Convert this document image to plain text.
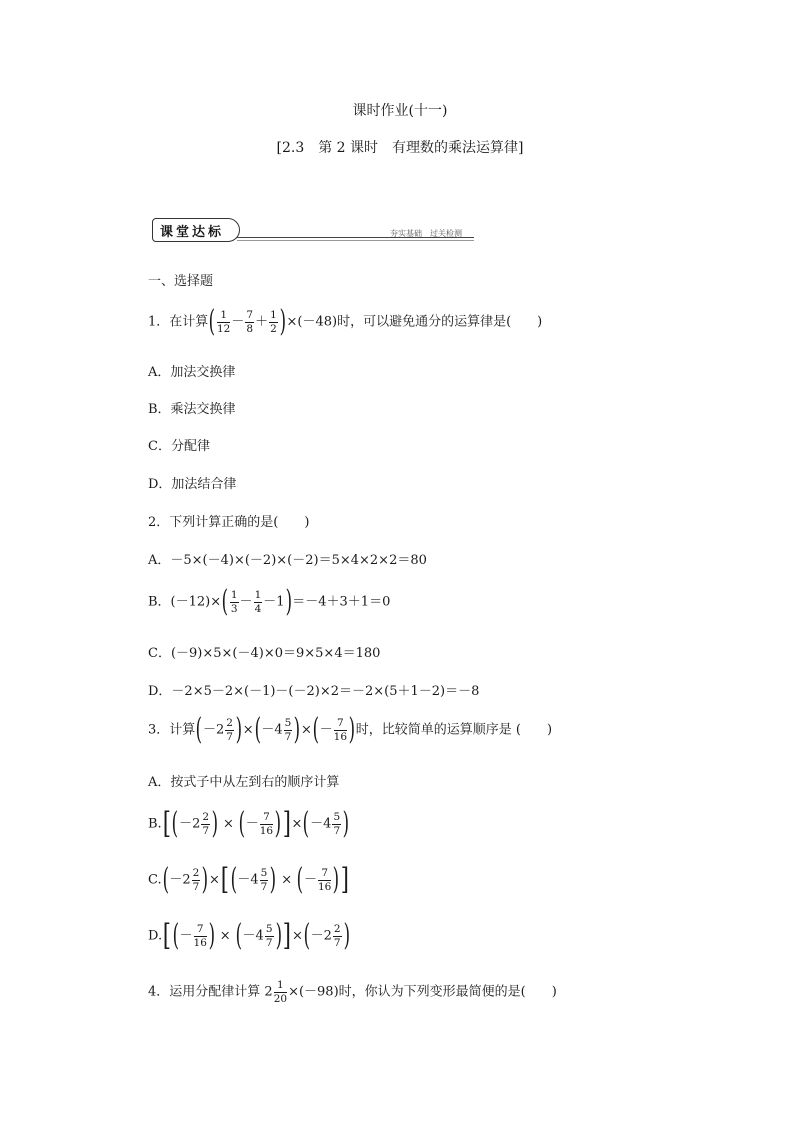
课时作业(十一)
[2.3　第 2 课时　有理数的乘法运算律]
课堂达标	夯实基础　过关检测
一、选择题
1．在计算( $\frac{1}{12} - \frac{7}{8} + \frac{1}{2} )\times(-48)$时，可以避免通分的运算律是(　　)
A．加法交换律
B．乘法交换律
C．分配律
D．加法结合律
2．下列计算正确的是(　　)
A．－5×(－4)×(－2)×(－2)＝5×4×2×2＝80
B．$(-12)\times( \frac{1}{3} - \frac{1}{4} -1)=-4+3+1=0$
C．(－9)×5×(－4)×0＝9×5×4＝180
D．－2×5－2×(－1)－(－2)×2＝－2×(5＋1－2)＝－8
3．计算$(-2 \frac{2}{7} )\times(-4 \frac{5}{7}$ )×(－ $\frac{7}{16}$ )时，比较简单的运算顺序是 (　　)
A．按式子中从左到右的顺序计算
$B.[(-2 \frac{2}{7}$ ) × (－ $\frac{7}{16} )]\times(-4 \frac{5}{7}$ )
$C.(-2 \frac{2}{7} )\times[(-4 \frac{5}{7}$ ) × (－ $\frac{7}{16}$ )]
$D.[(- \frac{7}{16}$ ) × $(-4 \frac{5}{7} )]\times(-2 \frac{2}{7}$ )
4．运用分配律计算 $2 \frac{1}{20} \times(-98)$时，你认为下列变形最简便的是(　　)
